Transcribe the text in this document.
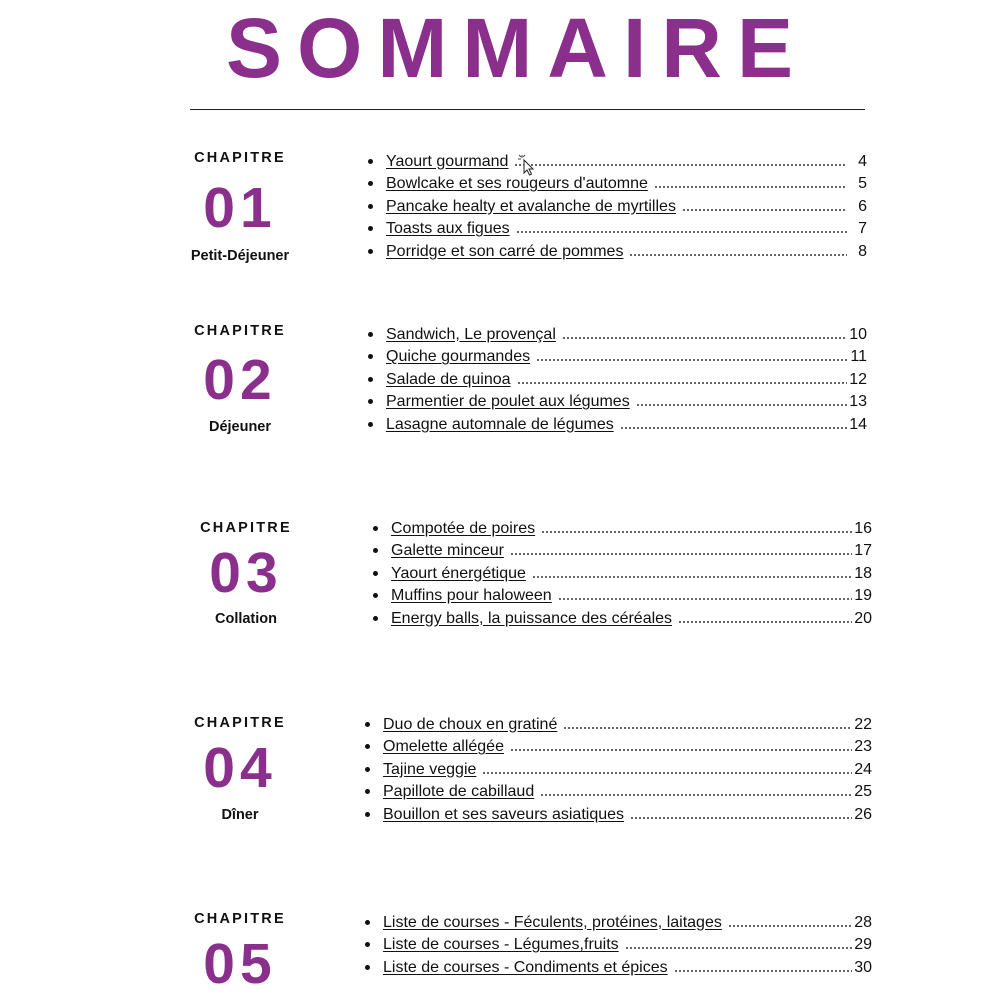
SOMMAIRE
CHAPITRE
01
Petit-Déjeuner
Yaourt gourmand	4
Bowlcake et ses rougeurs d'automne	5
Pancake healty et avalanche de myrtilles	6
Toasts aux figues	7
Porridge et son carré de pommes	8
CHAPITRE
02
Déjeuner
Sandwich, Le provençal	10
Quiche gourmandes	11
Salade de quinoa	12
Parmentier de poulet aux légumes	13
Lasagne automnale de légumes	14
CHAPITRE
03
Collation
Compotée de poires	16
Galette minceur	17
Yaourt énergétique	18
Muffins pour haloween	19
Energy balls, la puissance des céréales	20
CHAPITRE
04
Dîner
Duo de choux en gratiné	22
Omelette allégée	23
Tajine veggie	24
Papillote de cabillaud	25
Bouillon et ses saveurs asiatiques	26
CHAPITRE
05
Liste de courses - Féculents, protéines, laitages	28
Liste de courses - Légumes,fruits	29
Liste de courses - Condiments et épices	30
